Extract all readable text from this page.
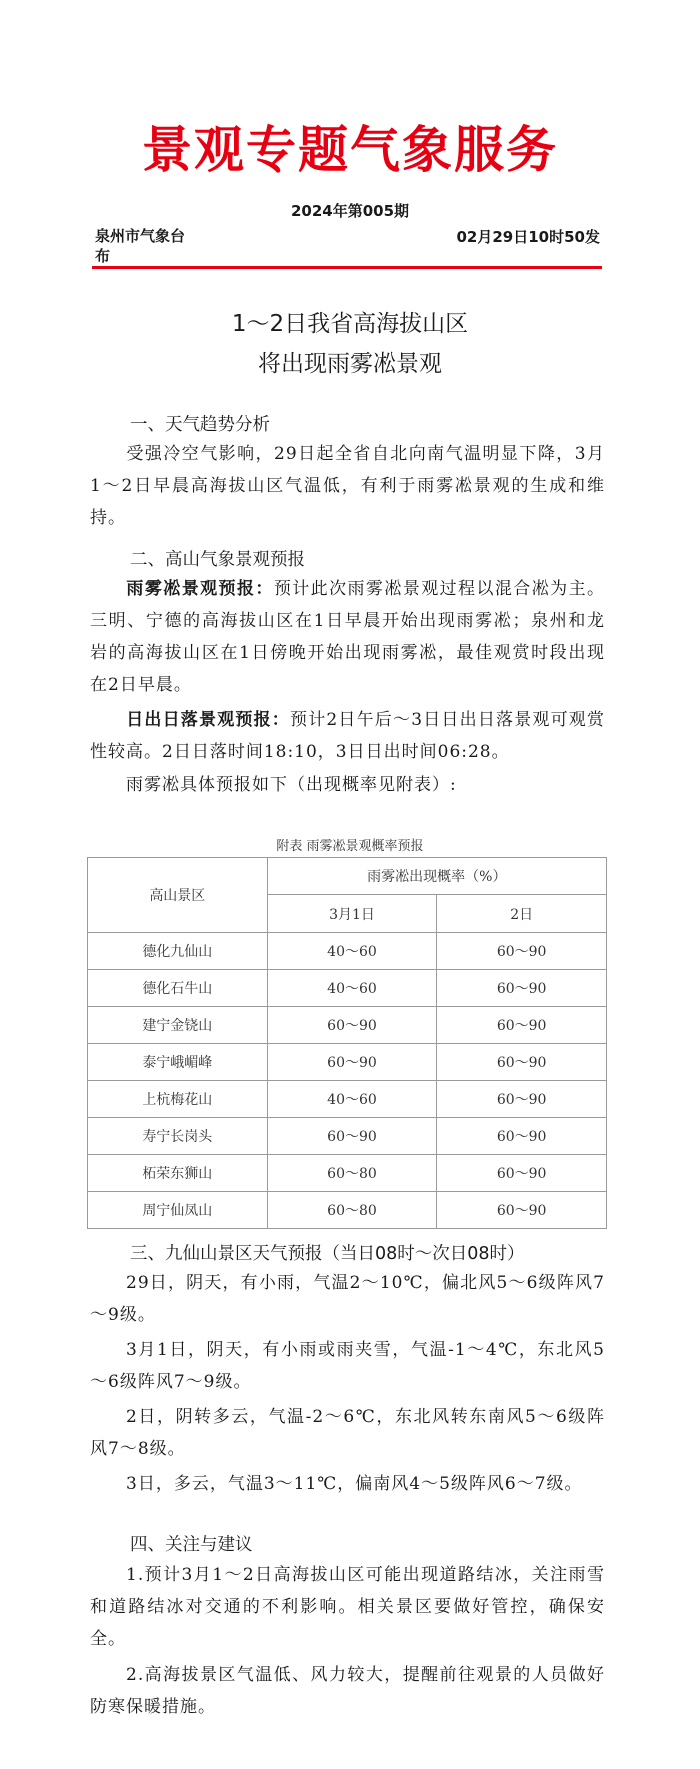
景观专题气象服务
2024年第005期
泉州市气象台布
02月29日10时50发
1～2日我省高海拔山区
将出现雨雾凇景观
一、天气趋势分析
受强冷空气影响，29日起全省自北向南气温明显下降，3月1～2日早晨高海拔山区气温低，有利于雨雾凇景观的生成和维持。
二、高山气象景观预报
雨雾凇景观预报：预计此次雨雾凇景观过程以混合凇为主。三明、宁德的高海拔山区在1日早晨开始出现雨雾凇；泉州和龙岩的高海拔山区在1日傍晚开始出现雨雾凇，最佳观赏时段出现在2日早晨。
日出日落景观预报：预计2日午后～3日日出日落景观可观赏性较高。2日日落时间18:10，3日日出时间06:28。
雨雾凇具体预报如下（出现概率见附表）:
附表 雨雾凇景观概率预报
高山景区	雨雾凇出现概率（%）	
	3月1日	2日
德化九仙山	40～60	60～90
德化石牛山	40～60	60～90
建宁金铙山	60～90	60～90
泰宁峨嵋峰	60～90	60～90
上杭梅花山	40～60	60～90
寿宁长岗头	60～90	60～90
柘荣东狮山	60～80	60～90
周宁仙凤山	60～80	60～90
三、九仙山景区天气预报（当日08时～次日08时）
29日，阴天，有小雨，气温2～10℃，偏北风5～6级阵风7～9级。
3月1日，阴天，有小雨或雨夹雪，气温-1～4℃，东北风5～6级阵风7～9级。
2日，阴转多云，气温-2～6℃，东北风转东南风5～6级阵风7～8级。
3日，多云，气温3～11℃，偏南风4～5级阵风6～7级。
四、关注与建议
1.预计3月1～2日高海拔山区可能出现道路结冰，关注雨雪和道路结冰对交通的不利影响。相关景区要做好管控，确保安全。
2.高海拔景区气温低、风力较大，提醒前往观景的人员做好防寒保暖措施。
